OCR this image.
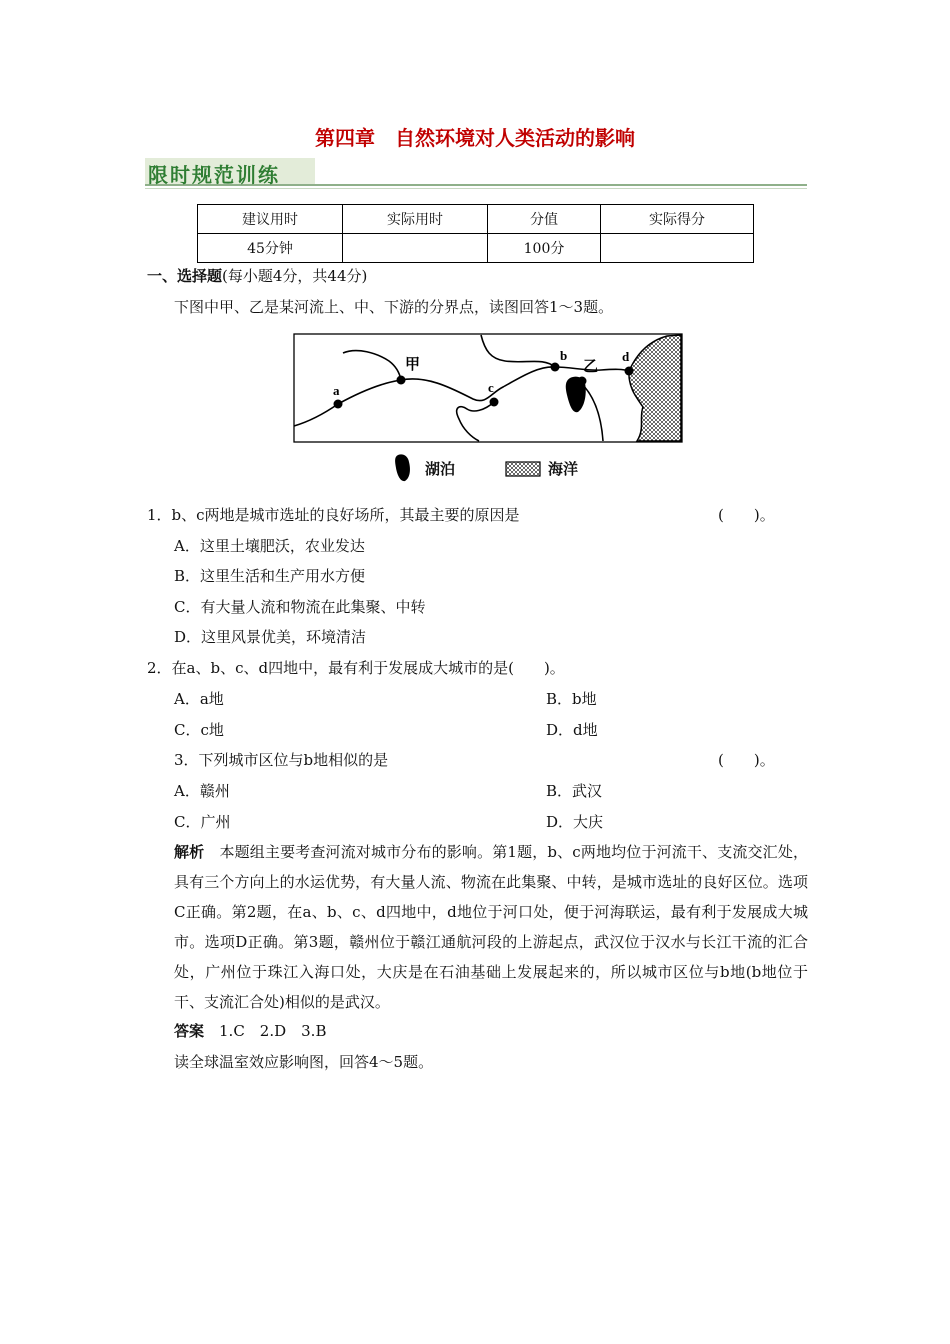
第四章　自然环境对人类活动的影响
限时规范训练
建议用时	实际用时	分值	实际得分
45分钟		100分	
一、选择题(每小题4分，共44分)
下图中甲、乙是某河流上、中、下游的分界点，读图回答1～3题。
a
甲
c
b
乙
d
湖泊	海洋
1．b、c两地是城市选址的良好场所，其最主要的原因是	(　　)。
A．这里土壤肥沃，农业发达
B．这里生活和生产用水方便
C．有大量人流和物流在此集聚、中转
D．这里风景优美，环境清洁
2．在a、b、c、d四地中，最有利于发展成大城市的是(　　)。
A．a地	B．b地
C．c地	D．d地
3．下列城市区位与b地相似的是	(　　)。
A．赣州	B．武汉
C．广州	D．大庆
解析  本题组主要考查河流对城市分布的影响。第1题，b、c两地均位于河流干、支流交汇处，具有三个方向上的水运优势，有大量人流、物流在此集聚、中转，是城市选址的良好区位。选项C正确。第2题，在a、b、c、d四地中，d地位于河口处，便于河海联运，最有利于发展成大城市。选项D正确。第3题，赣州位于赣江通航河段的上游起点，武汉位于汉水与长江干流的汇合处，广州位于珠江入海口处，大庆是在石油基础上发展起来的，所以城市区位与b地(b地位于干、支流汇合处)相似的是武汉。
答案  1.C　2.D　3.B
读全球温室效应影响图，回答4～5题。
